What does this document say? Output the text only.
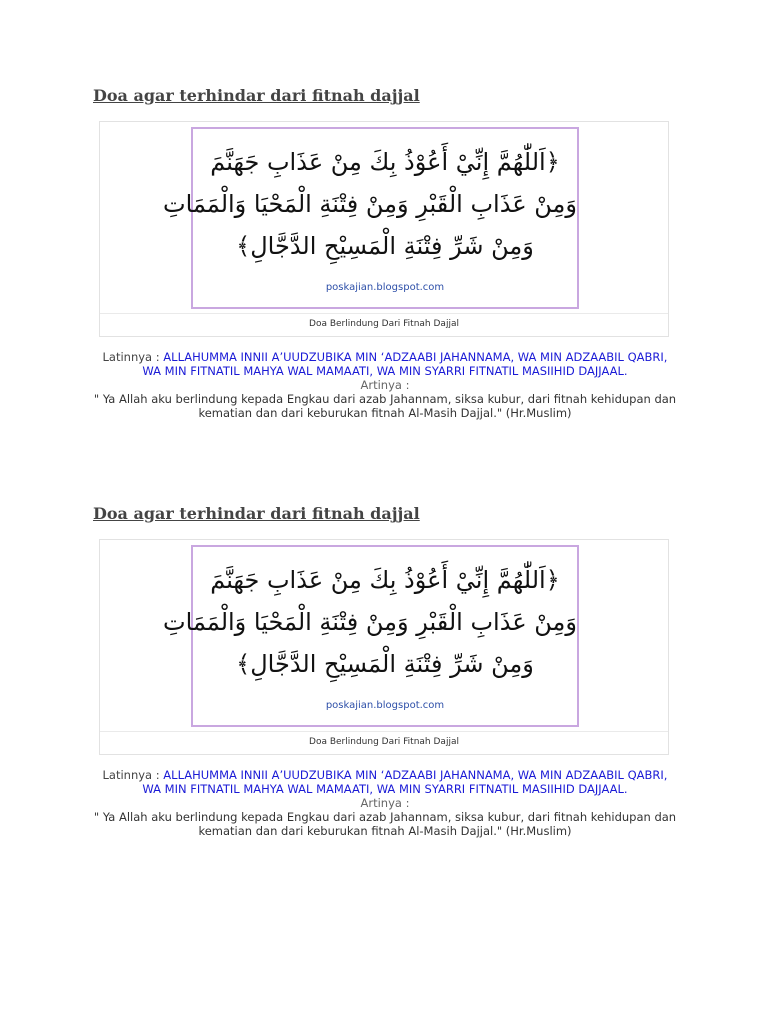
Doa agar terhindar dari fitnah dajjal
﴿اَللّٰهُمَّ إِنِّيْ أَعُوْذُ بِكَ مِنْ عَذَابِ جَهَنَّمَ
وَمِنْ عَذَابِ الْقَبْرِ وَمِنْ فِتْنَةِ الْمَحْيَا وَالْمَمَاتِ
وَمِنْ شَرِّ فِتْنَةِ الْمَسِيْحِ الدَّجَّالِ﴾
poskajian.blogspot.com
Doa Berlindung Dari Fitnah Dajjal
Latinnya : ALLAHUMMA INNII A’UUDZUBIKA MIN ‘ADZAABI JAHANNAMA, WA MIN ADZAABIL QABRI, WA MIN FITNATIL MAHYA WAL MAMAATI, WA MIN SYARRI FITNATIL MASIIHID DAJJAAL.
Artinya :
" Ya Allah aku berlindung kepada Engkau dari azab Jahannam, siksa kubur, dari fitnah kehidupan dan kematian dan dari keburukan fitnah Al-Masih Dajjal." (Hr.Muslim)
Doa agar terhindar dari fitnah dajjal
﴿اَللّٰهُمَّ إِنِّيْ أَعُوْذُ بِكَ مِنْ عَذَابِ جَهَنَّمَ
وَمِنْ عَذَابِ الْقَبْرِ وَمِنْ فِتْنَةِ الْمَحْيَا وَالْمَمَاتِ
وَمِنْ شَرِّ فِتْنَةِ الْمَسِيْحِ الدَّجَّالِ﴾
poskajian.blogspot.com
Doa Berlindung Dari Fitnah Dajjal
Latinnya : ALLAHUMMA INNII A’UUDZUBIKA MIN ‘ADZAABI JAHANNAMA, WA MIN ADZAABIL QABRI, WA MIN FITNATIL MAHYA WAL MAMAATI, WA MIN SYARRI FITNATIL MASIIHID DAJJAAL.
Artinya :
" Ya Allah aku berlindung kepada Engkau dari azab Jahannam, siksa kubur, dari fitnah kehidupan dan kematian dan dari keburukan fitnah Al-Masih Dajjal." (Hr.Muslim)
